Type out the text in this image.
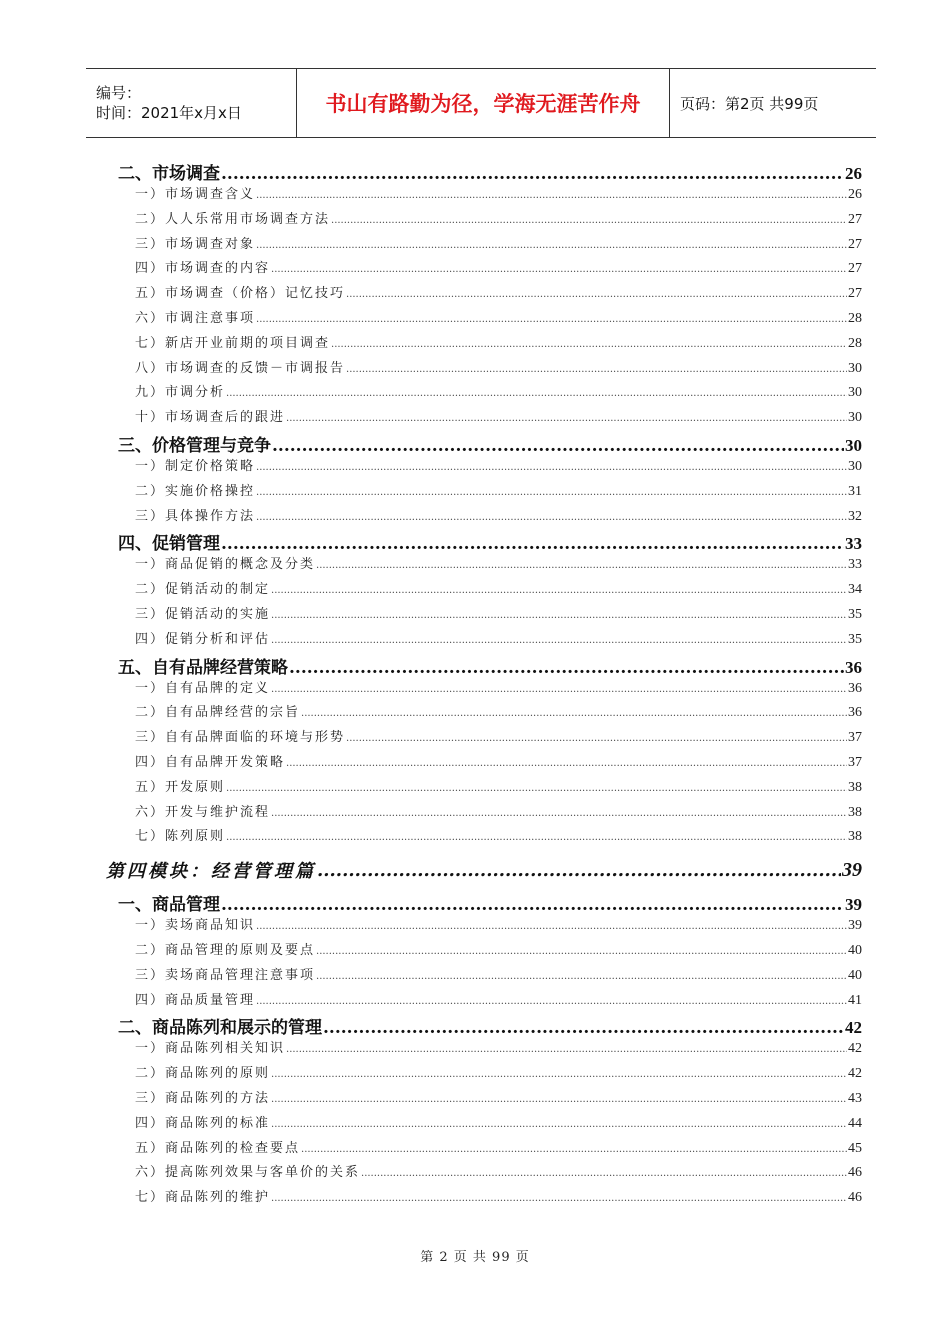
编号：
时间：2021年x月x日	书山有路勤为径，学海无涯苦作舟	页码：第2页 共99页
二、市场调查 .....	26
一）市场调查含义 .....	26
二）人人乐常用市场调查方法 .....	27
三）市场调查对象 .....	27
四）市场调查的内容 .....	27
五）市场调查（价格）记忆技巧 .....	27
六）市调注意事项 .....	28
七）新店开业前期的项目调查 .....	28
八）市场调查的反馈－市调报告 .....	30
九）市调分析 .....	30
十）市场调查后的跟进 .....	30
三、价格管理与竞争 .....	30
一）制定价格策略 .....	30
二）实施价格操控 .....	31
三）具体操作方法 .....	32
四、促销管理 .....	33
一）商品促销的概念及分类 .....	33
二）促销活动的制定 .....	34
三）促销活动的实施 .....	35
四）促销分析和评估 .....	35
五、自有品牌经营策略 .....	36
一）自有品牌的定义 .....	36
二）自有品牌经营的宗旨 .....	36
三）自有品牌面临的环境与形势 .....	37
四）自有品牌开发策略 .....	37
五）开发原则 .....	38
六）开发与维护流程 .....	38
七）陈列原则 .....	38
第四模块：经营管理篇 .....	39
一、商品管理 .....	39
一）卖场商品知识 .....	39
二）商品管理的原则及要点 .....	40
三）卖场商品管理注意事项 .....	40
四）商品质量管理 .....	41
二、商品陈列和展示的管理 .....	42
一）商品陈列相关知识 .....	42
二）商品陈列的原则 .....	42
三）商品陈列的方法 .....	43
四）商品陈列的标准 .....	44
五）商品陈列的检查要点 .....	45
六）提高陈列效果与客单价的关系 .....	46
七）商品陈列的维护 .....	46
第 2 页 共 99 页
